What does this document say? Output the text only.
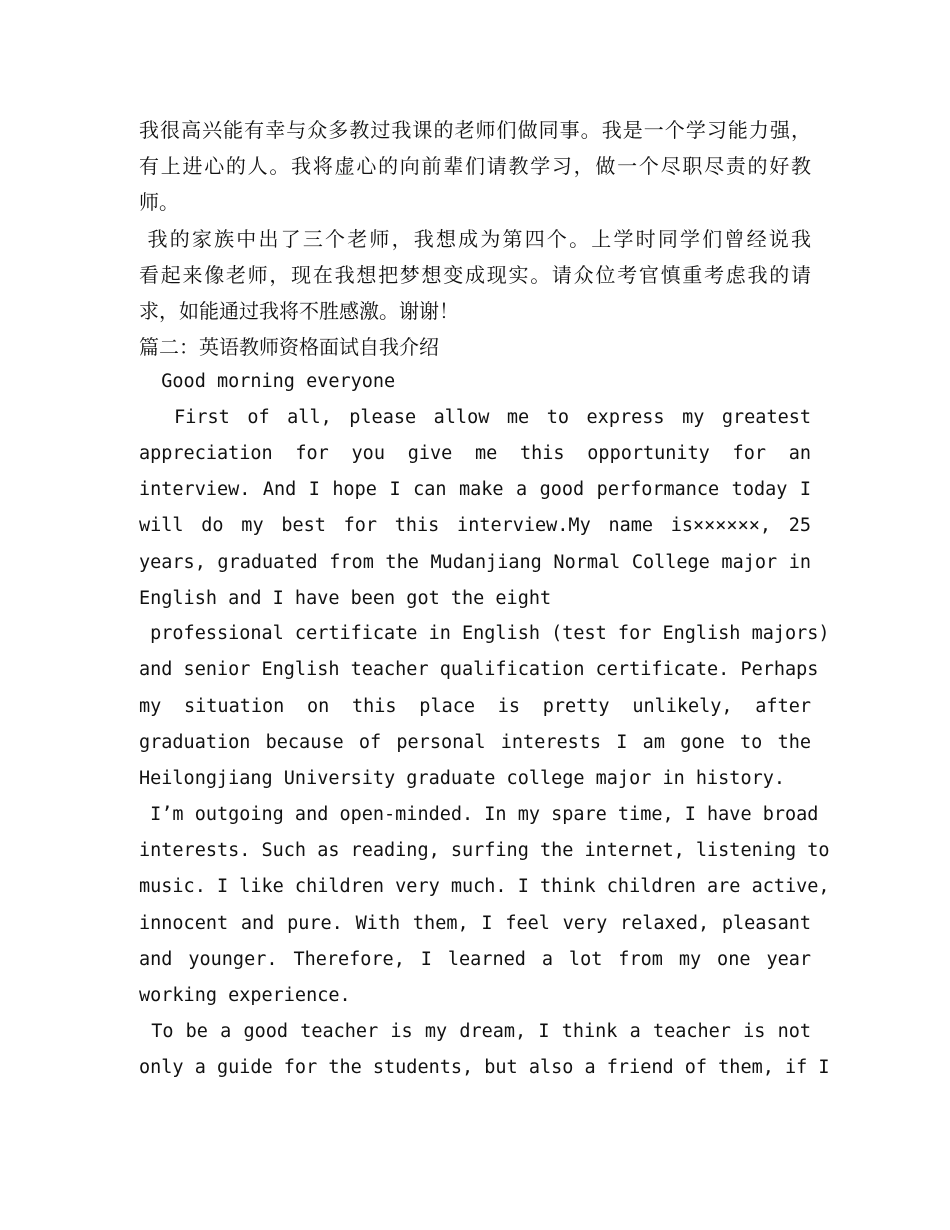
我很高兴能有幸与众多教过我课的老师们做同事。我是一个学习能力强，
有上进心的人。我将虚心的向前辈们请教学习，做一个尽职尽责的好教
师。
我的家族中出了三个老师，我想成为第四个。上学时同学们曾经说我
看起来像老师，现在我想把梦想变成现实。请众位考官慎重考虑我的请
求，如能通过我将不胜感激。谢谢！
篇二：英语教师资格面试自我介绍
Good morning everyone
First of all, please allow me to express my greatest
appreciation for you give me this opportunity for an
interview. And I hope I can make a good performance today I
will do my best for this interview.My name is××××××, 25
years, graduated from the Mudanjiang Normal College major in
English and I have been got the eight
professional certificate in English (test for English majors)
and senior English teacher qualification certificate. Perhaps
my situation on this place is pretty unlikely, after
graduation because of personal interests I am gone to the
Heilongjiang University graduate college major in history.
I’m outgoing and open-minded. In my spare time, I have broad
interests. Such as reading, surfing the internet, listening to
music. I like children very much. I think children are active,
innocent and pure. With them, I feel very relaxed, pleasant
and younger. Therefore, I learned a lot from my one year
working experience.
To be a good teacher is my dream, I think a teacher is not
only a guide for the students, but also a friend of them, if I
